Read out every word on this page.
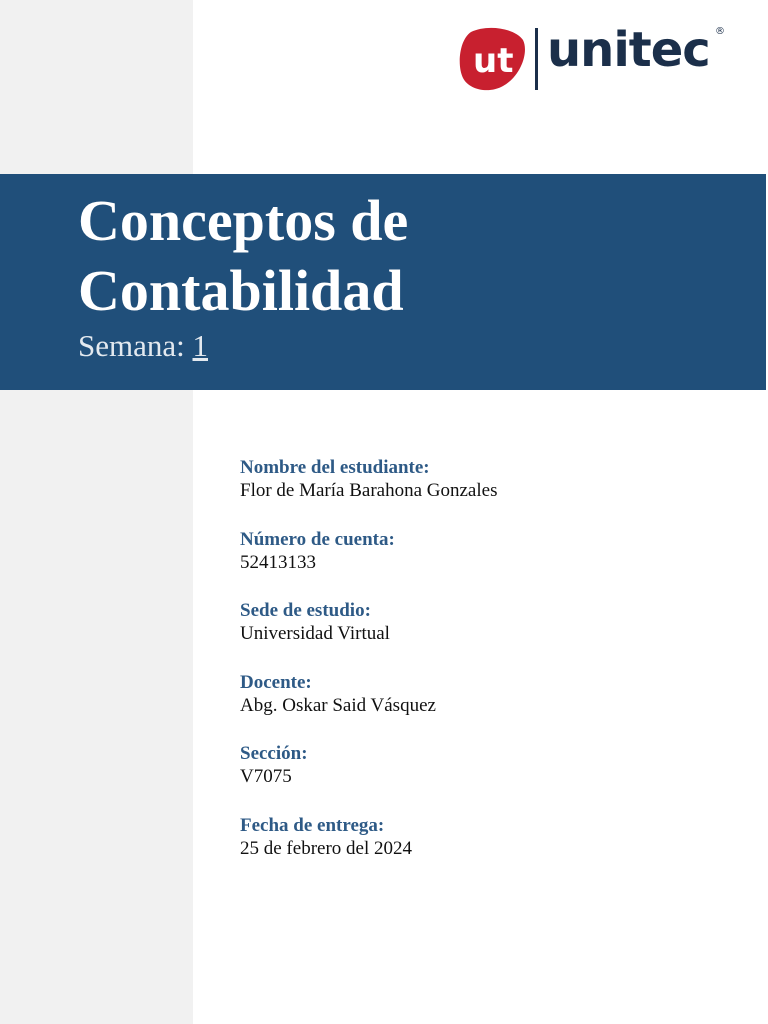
ut unitec ®
Conceptos de Contabilidad
Semana: 1
Nombre del estudiante:
Flor de María Barahona Gonzales
Número de cuenta:
52413133
Sede de estudio:
Universidad Virtual
Docente:
Abg. Oskar Said Vásquez
Sección:
V7075
Fecha de entrega:
25 de febrero del 2024
